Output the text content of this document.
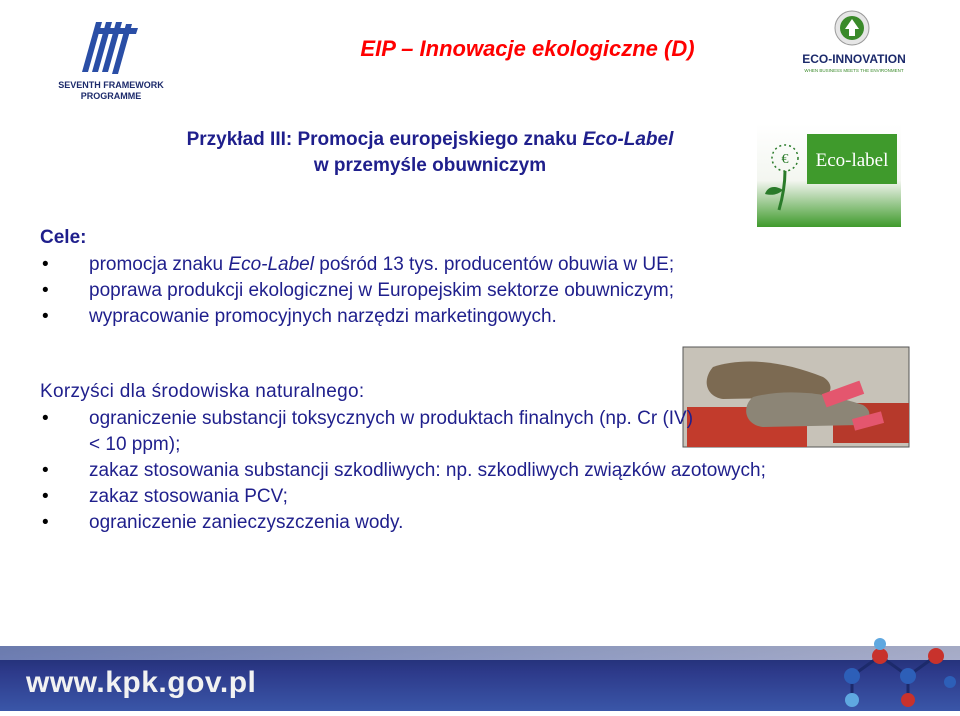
SEVENTH FRAMEWORK
PROGRAMME
EIP – Innowacje ekologiczne (D)	ECO-INNOVATION
WHEN BUSINESS MEETS THE ENVIRONMENT
Przykład III: Promocja europejskiego znaku Eco-Label
w przemyśle obuwniczym	€ Eco-label
Cele:
• promocja znaku Eco-Label pośród 13 tys. producentów obuwia w UE;
• poprawa produkcji ekologicznej w Europejskim sektorze obuwniczym;
• wypracowanie promocyjnych narzędzi marketingowych.
Korzyści dla środowiska naturalnego:
• ograniczenie substancji toksycznych w produktach finalnych (np. Cr (IV) < 10 ppm);
• zakaz stosowania substancji szkodliwych: np. szkodliwych związków azotowych;
• zakaz stosowania PCV;
• ograniczenie zanieczyszczenia wody.
www.kpk.gov.pl
